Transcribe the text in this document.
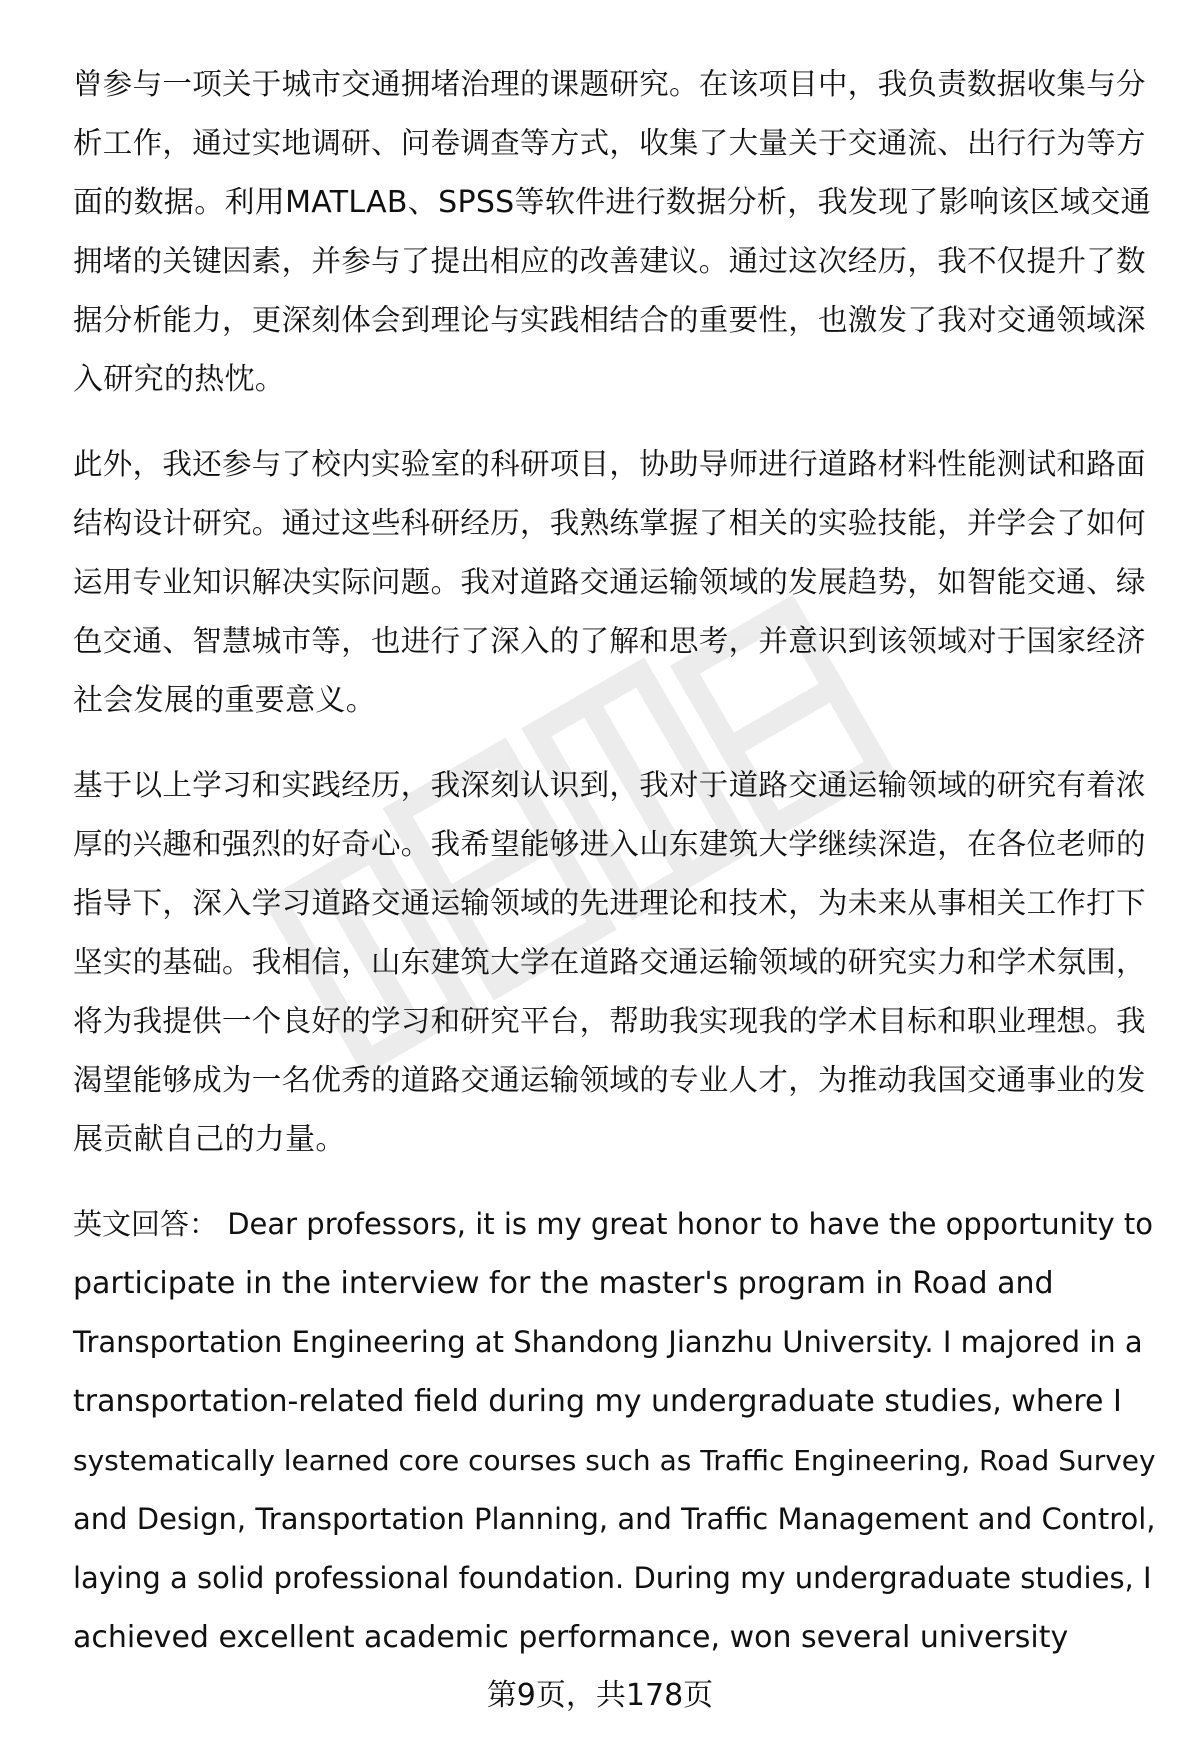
曾参与一项关于城市交通拥堵治理的课题研究。在该项目中，我负责数据收集与分
析工作，通过实地调研、问卷调查等方式，收集了大量关于交通流、出行行为等方
面的数据。利用MATLAB、SPSS等软件进行数据分析，我发现了影响该区域交通
拥堵的关键因素，并参与了提出相应的改善建议。通过这次经历，我不仅提升了数
据分析能力，更深刻体会到理论与实践相结合的重要性，也激发了我对交通领域深
入研究的热忱。
此外，我还参与了校内实验室的科研项目，协助导师进行道路材料性能测试和路面
结构设计研究。通过这些科研经历，我熟练掌握了相关的实验技能，并学会了如何
运用专业知识解决实际问题。我对道路交通运输领域的发展趋势，如智能交通、绿
色交通、智慧城市等，也进行了深入的了解和思考，并意识到该领域对于国家经济
社会发展的重要意义。
基于以上学习和实践经历，我深刻认识到，我对于道路交通运输领域的研究有着浓
厚的兴趣和强烈的好奇心。我希望能够进入山东建筑大学继续深造，在各位老师的
指导下，深入学习道路交通运输领域的先进理论和技术，为未来从事相关工作打下
坚实的基础。我相信，山东建筑大学在道路交通运输领域的研究实力和学术氛围，
将为我提供一个良好的学习和研究平台，帮助我实现我的学术目标和职业理想。我
渴望能够成为一名优秀的道路交通运输领域的专业人才，为推动我国交通事业的发
展贡献自己的力量。
英文回答： Dear professors, it is my great honor to have the opportunity to
participate in the interview for the master's program in Road and
Transportation Engineering at Shandong Jianzhu University. I majored in a
transportation-related field during my undergraduate studies, where I
systematically learned core courses such as Traffic Engineering, Road Survey
and Design, Transportation Planning, and Traffic Management and Control,
laying a solid professional foundation. During my undergraduate studies, I
achieved excellent academic performance, won several university
第9页，共178页
